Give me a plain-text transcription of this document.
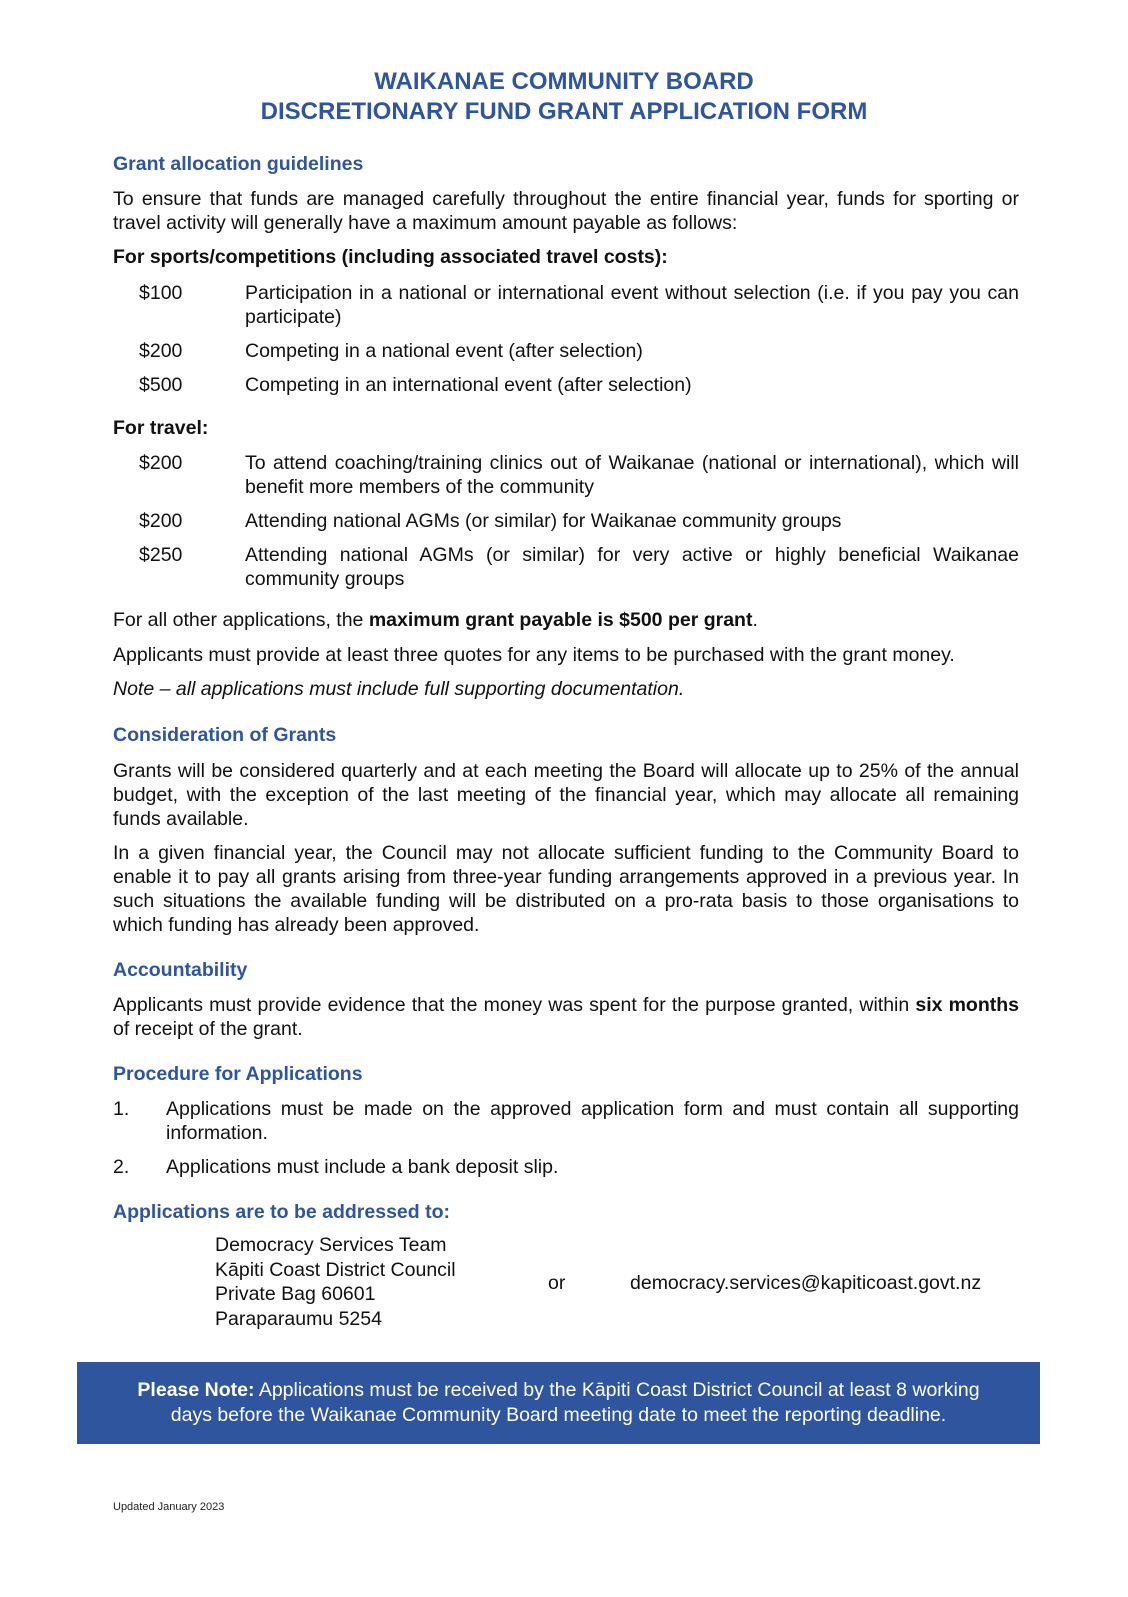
WAIKANAE COMMUNITY BOARD
DISCRETIONARY FUND GRANT APPLICATION FORM
Grant allocation guidelines
To ensure that funds are managed carefully throughout the entire financial year, funds for sporting or travel activity will generally have a maximum amount payable as follows:
For sports/competitions (including associated travel costs):
$100	Participation in a national or international event without selection (i.e. if you pay you can participate)
$200	Competing in a national event (after selection)
$500	Competing in an international event (after selection)
For travel:
$200	To attend coaching/training clinics out of Waikanae (national or international), which will benefit more members of the community
$200	Attending national AGMs (or similar) for Waikanae community groups
$250	Attending national AGMs (or similar) for very active or highly beneficial Waikanae community groups
For all other applications, the maximum grant payable is $500 per grant.
Applicants must provide at least three quotes for any items to be purchased with the grant money.
Note – all applications must include full supporting documentation.
Consideration of Grants
Grants will be considered quarterly and at each meeting the Board will allocate up to 25% of the annual budget, with the exception of the last meeting of the financial year, which may allocate all remaining funds available.
In a given financial year, the Council may not allocate sufficient funding to the Community Board to enable it to pay all grants arising from three-year funding arrangements approved in a previous year. In such situations the available funding will be distributed on a pro-rata basis to those organisations to which funding has already been approved.
Accountability
Applicants must provide evidence that the money was spent for the purpose granted, within six months of receipt of the grant.
Procedure for Applications
1.	Applications must be made on the approved application form and must contain all supporting information.
2.	Applications must include a bank deposit slip.
Applications are to be addressed to:
Democracy Services Team
Kāpiti Coast District Council
Private Bag 60601
Paraparaumu 5254
or	democracy.services@kapiticoast.govt.nz
Please Note: Applications must be received by the Kāpiti Coast District Council at least 8 working
days before the Waikanae Community Board meeting date to meet the reporting deadline.
Updated January 2023
